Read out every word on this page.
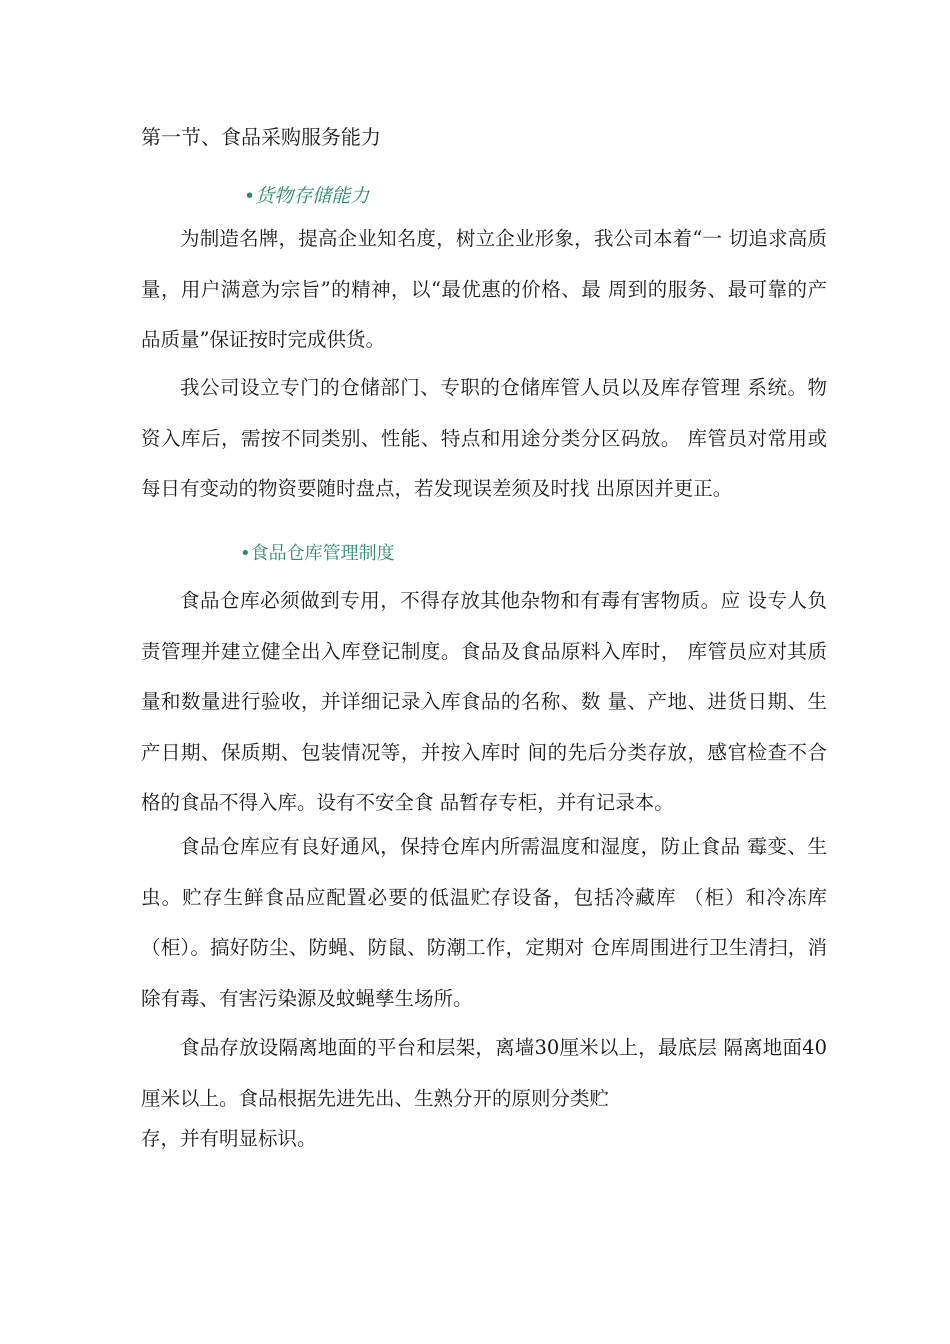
第一节、食品采购服务能力
•货物存储能力

为制造名牌，提高企业知名度，树立企业形象，我公司本着“一 切追求高质量，用户满意为宗旨”的精神，以“最优惠的价格、最 周到的服务、最可靠的产品质量”保证按时完成供货。

我公司设立专门的仓储部门、专职的仓储库管人员以及库存管理 系统。物资入库后，需按不同类别、性能、特点和用途分类分区码放。 库管员对常用或每日有变动的物资要随时盘点，若发现误差须及时找 出原因并更正。

•食品仓库管理制度

食品仓库必须做到专用，不得存放其他杂物和有毒有害物质。应 设专人负责管理并建立健全出入库登记制度。食品及食品原料入库时， 库管员应对其质量和数量进行验收，并详细记录入库食品的名称、数 量、产地、进货日期、生产日期、保质期、包装情况等，并按入库时 间的先后分类存放，感官检查不合格的食品不得入库。设有不安全食 品暂存专柜，并有记录本。

食品仓库应有良好通风，保持仓库内所需温度和湿度，防止食品 霉变、生虫。贮存生鲜食品应配置必要的低温贮存设备，包括冷藏库 （柜）和冷冻库（柜）。搞好防尘、防蝇、防鼠、防潮工作，定期对 仓库周围进行卫生清扫，消除有毒、有害污染源及蚊蝇孳生场所。

食品存放设隔离地面的平台和层架，离墙30厘米以上，最底层 隔离地面40厘米以上。食品根据先进先出、生熟分开的原则分类贮

存，并有明显标识。
